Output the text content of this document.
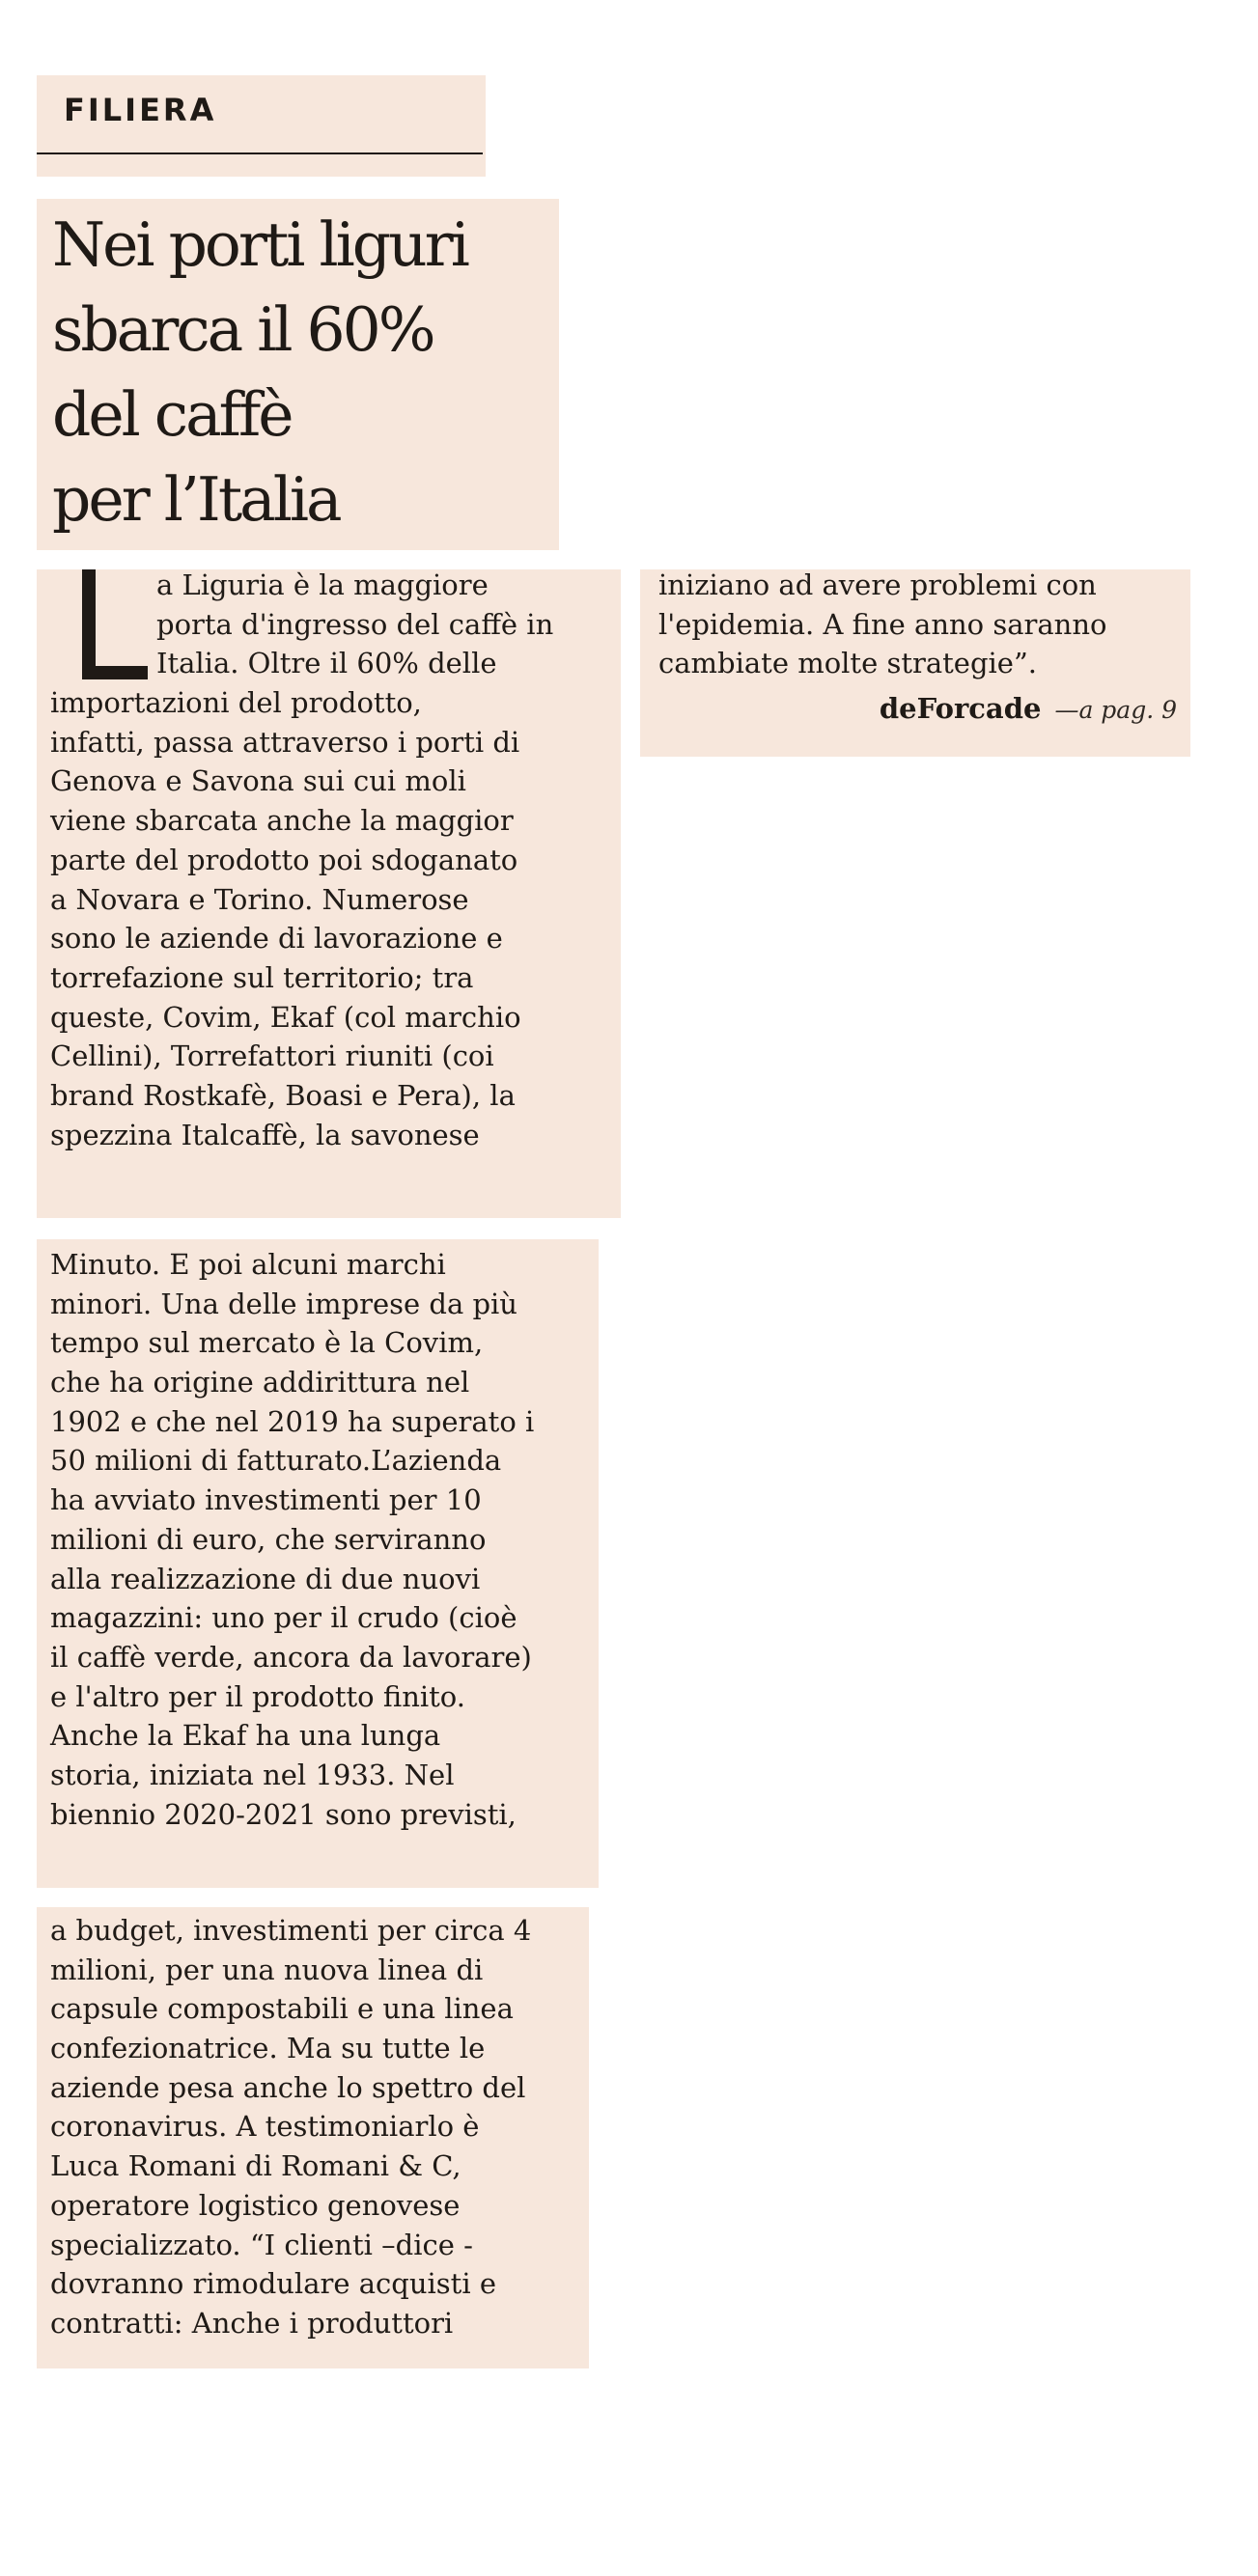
FILIERA
Nei porti liguri
sbarca il 60%
del caffè
per l’Italia
a Liguria è la maggiore
porta d'ingresso del caffè in
Italia. Oltre il 60% delle
importazioni del prodotto,
infatti, passa attraverso i porti di
Genova e Savona sui cui moli
viene sbarcata anche la maggior
parte del prodotto poi sdoganato
a Novara e Torino. Numerose
sono le aziende di lavorazione e
torrefazione sul territorio; tra
queste, Covim, Ekaf (col marchio
Cellini), Torrefattori riuniti (coi
brand Rostkafè, Boasi e Pera), la
spezzina Italcaffè, la savonese
Minuto. E poi alcuni marchi
minori. Una delle imprese da più
tempo sul mercato è la Covim,
che ha origine addirittura nel
1902 e che nel 2019 ha superato i
50 milioni di fatturato.L’azienda
ha avviato investimenti per 10
milioni di euro, che serviranno
alla realizzazione di due nuovi
magazzini: uno per il crudo (cioè
il caffè verde, ancora da lavorare)
e l'altro per il prodotto finito.
Anche la Ekaf ha una lunga
storia, iniziata nel 1933. Nel
biennio 2020-2021 sono previsti,
a budget, investimenti per circa 4
milioni, per una nuova linea di
capsule compostabili e una linea
confezionatrice. Ma su tutte le
aziende pesa anche lo spettro del
coronavirus. A testimoniarlo è
Luca Romani di Romani & C,
operatore logistico genovese
specializzato. “I clienti –dice -
dovranno rimodulare acquisti e
contratti: Anche i produttori
iniziano ad avere problemi con
l'epidemia. A fine anno saranno
cambiate molte strategie”.
deForcade —a pag. 9
